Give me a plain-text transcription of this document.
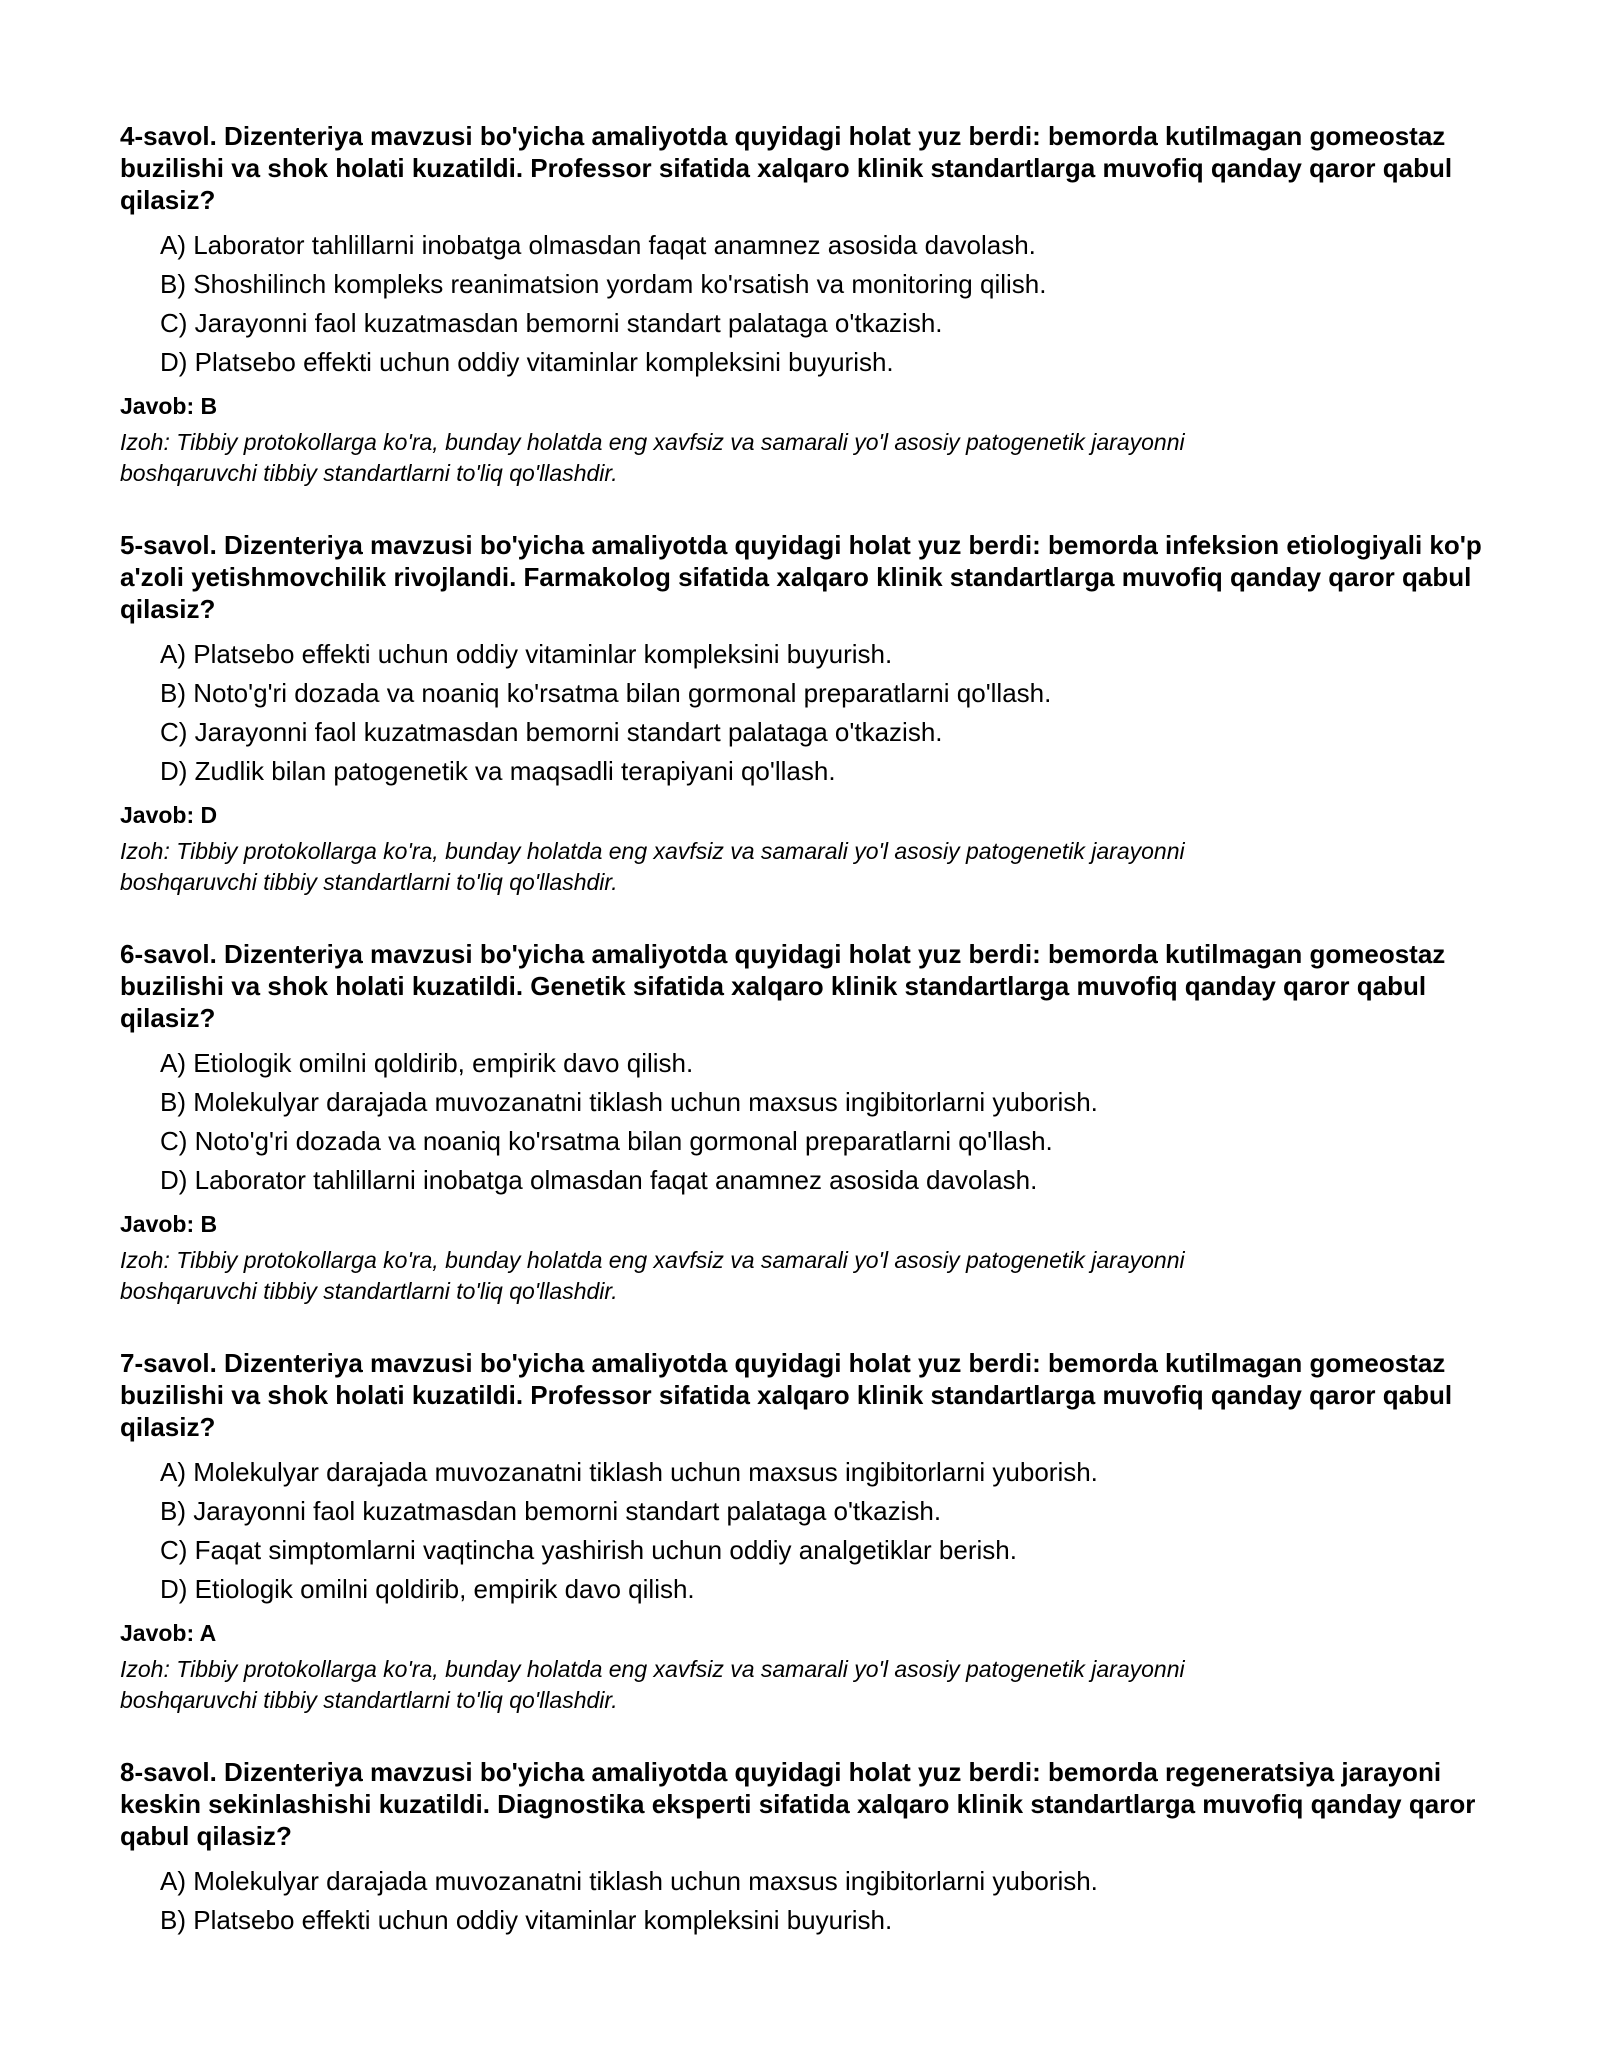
4-savol. Dizenteriya mavzusi bo'yicha amaliyotda quyidagi holat yuz berdi: bemorda kutilmagan gomeostaz buzilishi va shok holati kuzatildi. Professor sifatida xalqaro klinik standartlarga muvofiq qanday qaror qabul qilasiz?
A) Laborator tahlillarni inobatga olmasdan faqat anamnez asosida davolash.
B) Shoshilinch kompleks reanimatsion yordam ko'rsatish va monitoring qilish.
C) Jarayonni faol kuzatmasdan bemorni standart palataga o'tkazish.
D) Platsebo effekti uchun oddiy vitaminlar kompleksini buyurish.
Javob: B
Izoh: Tibbiy protokollarga ko'ra, bunday holatda eng xavfsiz va samarali yo'l asosiy patogenetik jarayonni
boshqaruvchi tibbiy standartlarni to'liq qo'llashdir.
5-savol. Dizenteriya mavzusi bo'yicha amaliyotda quyidagi holat yuz berdi: bemorda infeksion etiologiyali ko'p a'zoli yetishmovchilik rivojlandi. Farmakolog sifatida xalqaro klinik standartlarga muvofiq qanday qaror qabul qilasiz?
A) Platsebo effekti uchun oddiy vitaminlar kompleksini buyurish.
B) Noto'g'ri dozada va noaniq ko'rsatma bilan gormonal preparatlarni qo'llash.
C) Jarayonni faol kuzatmasdan bemorni standart palataga o'tkazish.
D) Zudlik bilan patogenetik va maqsadli terapiyani qo'llash.
Javob: D
Izoh: Tibbiy protokollarga ko'ra, bunday holatda eng xavfsiz va samarali yo'l asosiy patogenetik jarayonni
boshqaruvchi tibbiy standartlarni to'liq qo'llashdir.
6-savol. Dizenteriya mavzusi bo'yicha amaliyotda quyidagi holat yuz berdi: bemorda kutilmagan gomeostaz buzilishi va shok holati kuzatildi. Genetik sifatida xalqaro klinik standartlarga muvofiq qanday qaror qabul qilasiz?
A) Etiologik omilni qoldirib, empirik davo qilish.
B) Molekulyar darajada muvozanatni tiklash uchun maxsus ingibitorlarni yuborish.
C) Noto'g'ri dozada va noaniq ko'rsatma bilan gormonal preparatlarni qo'llash.
D) Laborator tahlillarni inobatga olmasdan faqat anamnez asosida davolash.
Javob: B
Izoh: Tibbiy protokollarga ko'ra, bunday holatda eng xavfsiz va samarali yo'l asosiy patogenetik jarayonni
boshqaruvchi tibbiy standartlarni to'liq qo'llashdir.
7-savol. Dizenteriya mavzusi bo'yicha amaliyotda quyidagi holat yuz berdi: bemorda kutilmagan gomeostaz buzilishi va shok holati kuzatildi. Professor sifatida xalqaro klinik standartlarga muvofiq qanday qaror qabul qilasiz?
A) Molekulyar darajada muvozanatni tiklash uchun maxsus ingibitorlarni yuborish.
B) Jarayonni faol kuzatmasdan bemorni standart palataga o'tkazish.
C) Faqat simptomlarni vaqtincha yashirish uchun oddiy analgetiklar berish.
D) Etiologik omilni qoldirib, empirik davo qilish.
Javob: A
Izoh: Tibbiy protokollarga ko'ra, bunday holatda eng xavfsiz va samarali yo'l asosiy patogenetik jarayonni
boshqaruvchi tibbiy standartlarni to'liq qo'llashdir.
8-savol. Dizenteriya mavzusi bo'yicha amaliyotda quyidagi holat yuz berdi: bemorda regeneratsiya jarayoni keskin sekinlashishi kuzatildi. Diagnostika eksperti sifatida xalqaro klinik standartlarga muvofiq qanday qaror qabul qilasiz?
A) Molekulyar darajada muvozanatni tiklash uchun maxsus ingibitorlarni yuborish.
B) Platsebo effekti uchun oddiy vitaminlar kompleksini buyurish.
